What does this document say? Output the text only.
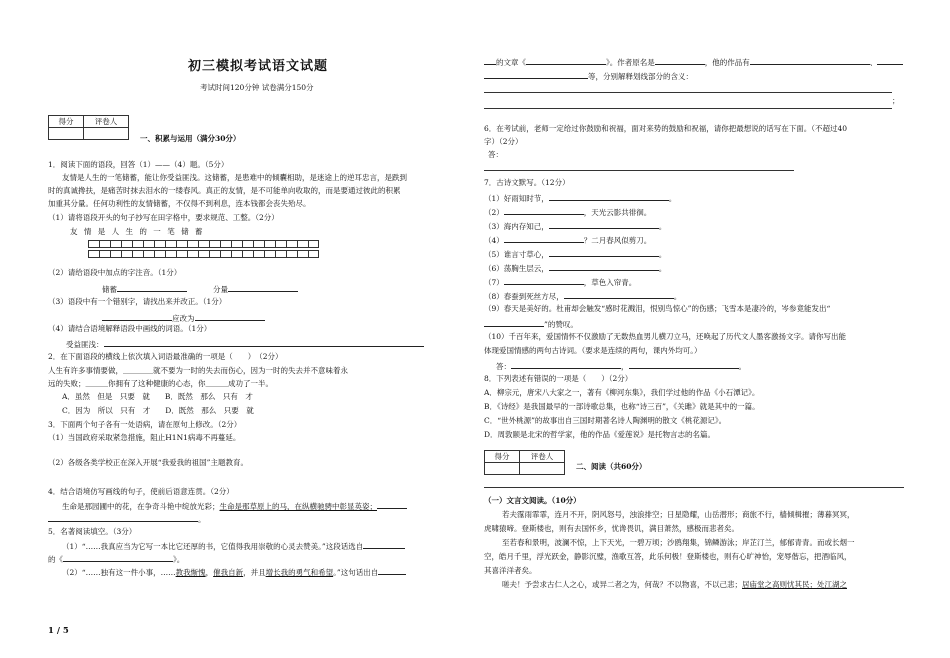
初三模拟考试语文试题

考试时间120分钟 试卷满分150分

得分	评卷人

一、积累与运用（满分30分）

1．阅读下面的语段，回答（1）——（4）题。（5分）

友情是人生的一笔储蓄，能让你受益匪浅。这储蓄，是患难中的倾囊相助，是迷途上的逆耳忠言，是跌到

时的真诚搀扶，是痛苦时抹去泪水的一缕春风。真正的友情，是不可能单向收取的，而是要通过彼此的积累

加重其分量。任何功利性的友情储蓄，不仅得不到利息，连本钱都会丧失殆尽。

（1）请将语段开头的句子抄写在田字格中，要求规范、工整。（2分）

友 情 是 人 生 的 一 笔 储 蓄

（2）请给语段中加点的字注音。（1分）

储蓄	分量

（3）语段中有一个错别字，请找出来并改正。（1分）

应改为

（4）请结合语境解释语段中画线的词语。（1分）

受益匪浅：

2．在下面语段的横线上依次填入词语最准确的一项是（　　）　（2分）

人生有许多事情要做，＿＿＿＿就不要为一时的失去而伤心，因为一时的失去并不意味着永

远的失败；＿＿＿你拥有了这种健康的心态，你＿＿＿成功了一半。

A．虽然　但是　只要　就　　B．既然　那么　只有　才

C．因为　所以　只有　才　　D．既然　那么　只要　就

3．下面两个句子各有一处语病，请在原句上修改。（2分）

（1）当国政府采取紧急措施，阻止H1N1病毒不再蔓延。

（2）各级各类学校正在深入开展“我爱我的祖国”主题教育。

4．结合语境仿写画线的句子，使前后语意连贯。（2分）

生命是那园圃中的花，在争奇斗艳中绽放光彩；生命是那草原上的马，在纵横驰骋中彰显英姿；

。

5．名著阅读填空。（3分）

（1）“……我真应当为它写一本比它还厚的书，它值得我用崇敬的心灵去赞美。”这段话选自

的《	》。

（2）“……独有这一件小事，……教我惭愧，催我自新，并且增长我的勇气和希望。”这句话出自

的文章《	》。作者原名是	，他的作品有	、

等，分别解释划线部分的含义：

；

6．在考试前，老师一定给过你鼓励和祝福，面对来势的鼓励和祝福，请你把最想说的话写在下面。（不超过40

字）（2分）

答：

7．古诗文默写。（12分）

（1）好雨知时节，	。

（2）	，天光云影共徘徊。

（3）海内存知己，	。

（4）	？二月春风似剪刀。

（5）谁言寸草心，	。

（6）荡胸生层云，	。

（7）	，草色入帘青。

（8）春蚕到死丝方尽，	。

（9）春天是美好的。杜甫却会触发“感时花溅泪，恨别鸟惊心”的伤感；飞雪本是凄冷的，岑参竟能发出“

”的赞叹。

（10）千百年来，爱国情怀不仅激励了无数热血男儿横刀立马，还唤起了历代文人墨客激扬文字。请你写出能

体现爱国情感的两句古诗词。（要求是连续的两句，课内外均可。）

答：	，	。

8．下列表述有错误的一项是（　　）（2分）

A．柳宗元，唐宋八大家之一，著有《柳河东集》，我们学过他的作品《小石潭记》。

B．《诗经》是我国最早的一部诗歌总集，也称“诗三百”，《关雎》就是其中的一篇。

C．“世外桃源”的故事出自三国时期著名诗人陶渊明的散文《桃花源记》。

D．周敦颐是北宋的哲学家，他的作品《爱莲说》是托物言志的名篇。

得分	评卷人

二、阅读（共60分）

（一）文言文阅读。（10分）

若夫霪雨霏霏，连月不开，阴风怒号，浊浪排空；日星隐耀，山岳潜形；商旅不行，樯倾楫摧；薄暮冥冥，

虎啸猿啼。登斯楼也，则有去国怀乡，忧谗畏讥，满目萧然，感极而悲者矣。

至若春和景明，波澜不惊，上下天光，一碧万顷；沙鸥翔集，锦鳞游泳；岸芷汀兰，郁郁青青。而或长烟一

空，皓月千里，浮光跃金，静影沉璧，渔歌互答，此乐何极！登斯楼也，则有心旷神怡，宠辱偕忘，把酒临风，

其喜洋洋者矣。

嗟夫！予尝求古仁人之心，或异二者之为，何哉？不以物喜，不以己悲；居庙堂之高则忧其民；处江湖之

1 / 5
